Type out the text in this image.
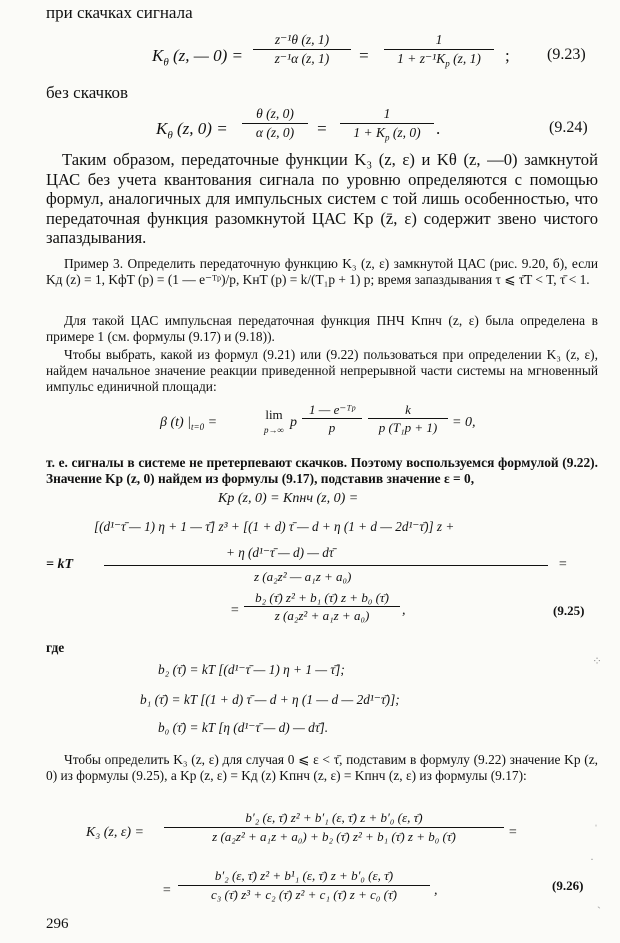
при скачках сигнала
$K_\theta$ (z, — 0) =
z⁻¹θ (z, 1)
z⁻¹α (z, 1)	=
1
$1 + z^{-1}K_р$ (z, 1)	; (9.23)
без скачков
$K_\theta$ (z, 0) =
θ (z, 0)
α (z, 0)	=
1
$1 + K_р$ (z, 0) .	(9.24)
Таким образом, передаточные функции K₃ (z, ε) и Kθ (z, —0) замкнутой ЦАС без учета квантования сигнала по уровню определяются с помощью формул, аналогичных для импульсных систем с той лишь особенностью, что передаточная функция разомкнутой ЦАС Kр (z̄, ε) содержит звено чистого запаздывания.
Пример 3. Определить передаточную функцию K₃ (z, ε) замкнутой ЦАС (рис. 9.20, б), если Kд (z) = 1, KфT (p) = (1 — e⁻ᵀᵖ)/p, KнT (p) = k/(T₁p + 1) p; время запаздывания τ ⩽ τ̄T < T, τ̄ < 1.
Для такой ЦАС импульсная передаточная функция ПНЧ Kпнч (z, ε) была определена в примере 1 (см. формулы (9.17) и (9.18)).
Чтобы выбрать, какой из формул (9.21) или (9.22) пользоваться при определении K₃ (z, ε), найдем начальное значение реакции приведенной непрерывной части системы на мгновенный импульс единичной площади:
β (t) $|_{t=0}$ =
lim
p→∞ p
1 — e⁻ᵀᵖ
p
k
p (T₁p + 1)	= 0,
т. е. сигналы в системе не претерпевают скачков. Поэтому воспользуемся формулой (9.22). Значение Kр (z, 0) найдем из формулы (9.17), подставив значение ε = 0,
Kр (z, 0) = Kпнч (z, 0) =
[(d¹⁻τ̄ — 1) η + 1 — τ̄] z³ + [(1 + d) τ̄ — d + η (1 + d — 2d¹⁻τ̄)] z +
+ η (d¹⁻τ̄ — d) — dτ̄
= kT
z (a₂z² — a₁z + a₀)
=
=
b₂ (τ̄) z² + b₁ (τ̄) z + b₀ (τ̄)
z (a₂z² + a₁z + a₀)	,	(9.25)
где
b₂ (τ̄) = kT [(d¹⁻τ̄ — 1) η + 1 — τ̄];
b₁ (τ̄) = kT [(1 + d) τ̄ — d + η (1 — d — 2d¹⁻τ̄)];
b₀ (τ̄) = kT [η (d¹⁻τ̄ — d) — dτ̄].
Чтобы определить K₃ (z, ε) для случая 0 ⩽ ε < τ̄, подставим в формулу (9.22) значение Kр (z, 0) из формулы (9.25), а Kр (z, ε) = Kд (z) Kпнч (z, ε) = Kпнч (z, ε) из формулы (9.17):
K₃ (z, ε) =
b′₂ (ε, τ̄) z² + b′₁ (ε, τ̄) z + b′₀ (ε, τ̄)
z (a₂z² + a₁z + a₀) + b₂ (τ̄) z² + b₁ (τ̄) z + b₀ (τ̄)	=
=
b′₂ (ε, τ̄) z² + b¹₁ (ε, τ̄) z + b′₀ (ε, τ̄)
c₃ (τ̄) z³ + c₂ (τ̄) z² + c₁ (τ̄) z + c₀ (τ̄)	,	(9.26)
296
⁘
ˈ
·
ˋ
